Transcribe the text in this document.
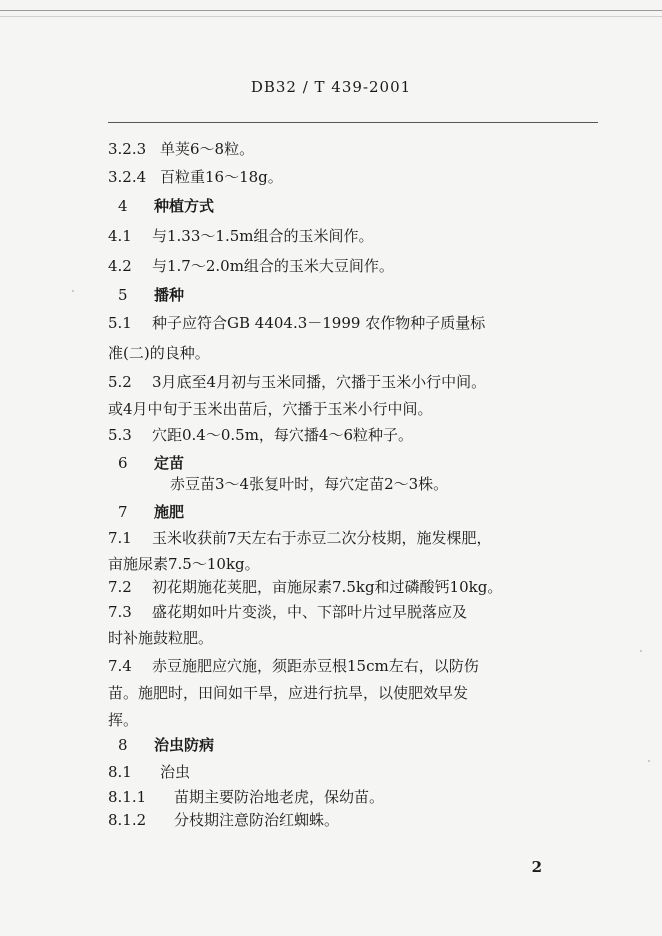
DB32 / T 439-2001
3.2.3 单荚6～8粒。
3.2.4 百粒重16～18g。
4 种植方式
4.1 与1.33～1.5m组合的玉米间作。
4.2 与1.7～2.0m组合的玉米大豆间作。
5 播种
5.1 种子应符合GB 4404.3－1999 农作物种子质量标
准(二)的良种。
5.2 3月底至4月初与玉米同播，穴播于玉米小行中间。
或4月中旬于玉米出苗后，穴播于玉米小行中间。
5.3 穴距0.4～0.5m，每穴播4～6粒种子。
6 定苗
赤豆苗3～4张复叶时，每穴定苗2～3株。
7 施肥
7.1 玉米收获前7天左右于赤豆二次分枝期，施发棵肥，
亩施尿素7.5～10kg。
7.2 初花期施花荚肥，亩施尿素7.5kg和过磷酸钙10kg。
7.3 盛花期如叶片变淡，中、下部叶片过早脱落应及
时补施鼓粒肥。
7.4 赤豆施肥应穴施，须距赤豆根15cm左右，以防伤
苗。施肥时，田间如干旱，应进行抗旱，以使肥效早发
挥。
8 治虫防病
8.1 治虫
8.1.1 苗期主要防治地老虎，保幼苗。
8.1.2 分枝期注意防治红蜘蛛。
2
